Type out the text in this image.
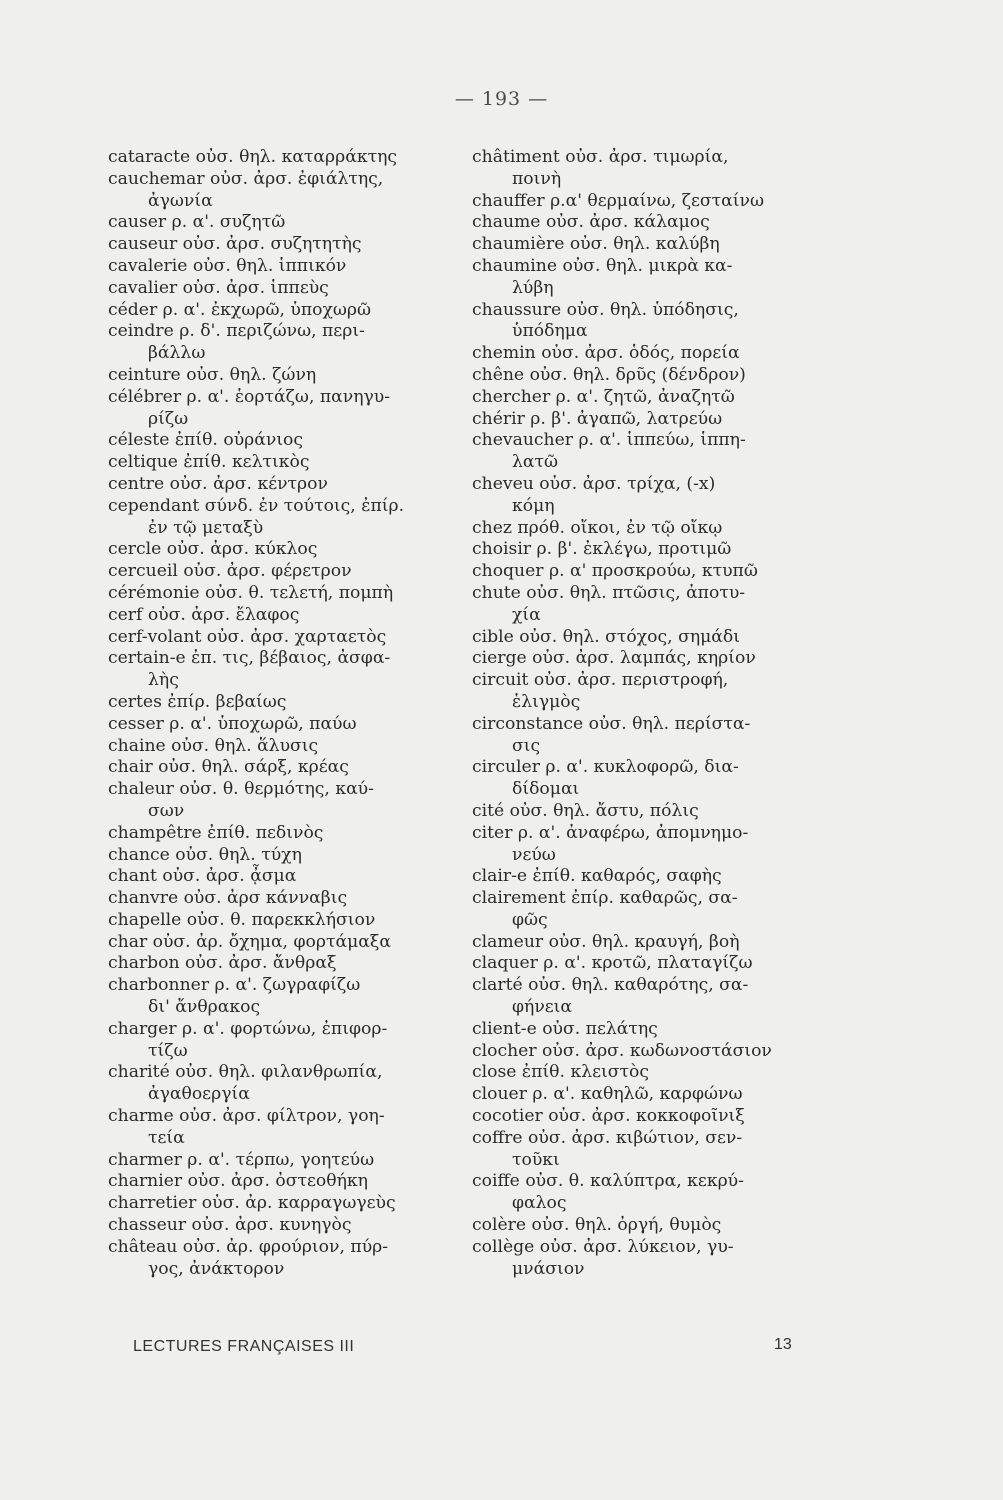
— 193 —
cataracte οὐσ. θηλ. καταρράκτης
cauchemar οὐσ. ἀρσ. ἐφιάλτης,
ἀγωνία
causer ρ. α'. συζητῶ
causeur οὐσ. ἀρσ. συζητητὴς
cavalerie οὐσ. θηλ. ἱππικόν
cavalier οὐσ. ἀρσ. ἱππεὺς
céder ρ. α'. ἐκχωρῶ, ὑποχωρῶ
ceindre ρ. δ'. περιζώνω, περι-
βάλλω
ceinture οὐσ. θηλ. ζώνη
célébrer ρ. α'. ἑορτάζω, πανηγυ-
ρίζω
céleste ἐπίθ. οὐράνιος
celtique ἐπίθ. κελτικὸς
centre οὐσ. ἀρσ. κέντρον
cependant σύνδ. ἐν τούτοις, ἐπίρ.
ἐν τῷ μεταξὺ
cercle οὐσ. ἀρσ. κύκλος
cercueil οὐσ. ἀρσ. φέρετρον
cérémonie οὐσ. θ. τελετή, πομπὴ
cerf οὐσ. ἀρσ. ἔλαφος
cerf-volant οὐσ. ἀρσ. χαρταετὸς
certain-e ἐπ. τις, βέβαιος, ἀσφα-
λὴς
certes ἐπίρ. βεβαίως
cesser ρ. α'. ὑποχωρῶ, παύω
chaine οὐσ. θηλ. ἅλυσις
chair οὐσ. θηλ. σάρξ, κρέας
chaleur οὐσ. θ. θερμότης, καύ-
σων
champêtre ἐπίθ. πεδινὸς
chance οὐσ. θηλ. τύχη
chant οὐσ. ἀρσ. ᾆσμα
chanvre οὐσ. ἀρσ κάνναβις
chapelle οὐσ. θ. παρεκκλήσιον
char οὐσ. ἀρ. ὄχημα, φορτάμαξα
charbon οὐσ. ἀρσ. ἄνθραξ
charbonner ρ. α'. ζωγραφίζω
δι' ἄνθρακος
charger ρ. α'. φορτώνω, ἐπιφορ-
τίζω
charité οὐσ. θηλ. φιλανθρωπία,
ἀγαθοεργία
charme οὐσ. ἀρσ. φίλτρον, γοη-
τεία
charmer ρ. α'. τέρπω, γοητεύω
charnier οὐσ. ἀρσ. ὀστεοθήκη
charretier οὐσ. ἀρ. καρραγωγεὺς
chasseur οὐσ. ἀρσ. κυνηγὸς
château οὐσ. ἀρ. φρούριον, πύρ-
γος, ἀνάκτορον
châtiment οὐσ. ἀρσ. τιμωρία,
ποινὴ
chauffer ρ.α' θερμαίνω, ζεσταίνω
chaume οὐσ. ἀρσ. κάλαμος
chaumière οὐσ. θηλ. καλύβη
chaumine οὐσ. θηλ. μικρὰ κα-
λύβη
chaussure οὐσ. θηλ. ὑπόδησις,
ὑπόδημα
chemin οὐσ. ἀρσ. ὁδός, πορεία
chêne οὐσ. θηλ. δρῦς (δένδρον)
chercher ρ. α'. ζητῶ, ἀναζητῶ
chérir ρ. β'. ἀγαπῶ, λατρεύω
chevaucher ρ. α'. ἱππεύω, ἱππη-
λατῶ
cheveu οὐσ. ἀρσ. τρίχα, (-x)
κόμη
chez πρόθ. οἴκοι, ἐν τῷ οἴκῳ
choisir ρ. β'. ἐκλέγω, προτιμῶ
choquer ρ. α' προσκρούω, κτυπῶ
chute οὐσ. θηλ. πτῶσις, ἀποτυ-
χία
cible οὐσ. θηλ. στόχος, σημάδι
cierge οὐσ. ἀρσ. λαμπάς, κηρίον
circuit οὐσ. ἀρσ. περιστροφή,
ἑλιγμὸς
circonstance οὐσ. θηλ. περίστα-
σις
circuler ρ. α'. κυκλοφορῶ, δια-
δίδομαι
cité οὐσ. θηλ. ἄστυ, πόλις
citer ρ. α'. ἀναφέρω, ἀπομνημο-
νεύω
clair-e ἐπίθ. καθαρός, σαφὴς
clairement ἐπίρ. καθαρῶς, σα-
φῶς
clameur οὐσ. θηλ. κραυγή, βοὴ
claquer ρ. α'. κροτῶ, πλαταγίζω
clarté οὐσ. θηλ. καθαρότης, σα-
φήνεια
client-e οὐσ. πελάτης
clocher οὐσ. ἀρσ. κωδωνοστάσιον
close ἐπίθ. κλειστὸς
clouer ρ. α'. καθηλῶ, καρφώνω
cocotier οὐσ. ἀρσ. κοκκοφοῖνιξ
coffre οὐσ. ἀρσ. κιβώτιον, σεν-
τοῦκι
coiffe οὐσ. θ. καλύπτρα, κεκρύ-
φαλος
colère οὐσ. θηλ. ὀργή, θυμὸς
collège οὐσ. ἀρσ. λύκειον, γυ-
μνάσιον
LECTURES FRANÇAISES III	13
